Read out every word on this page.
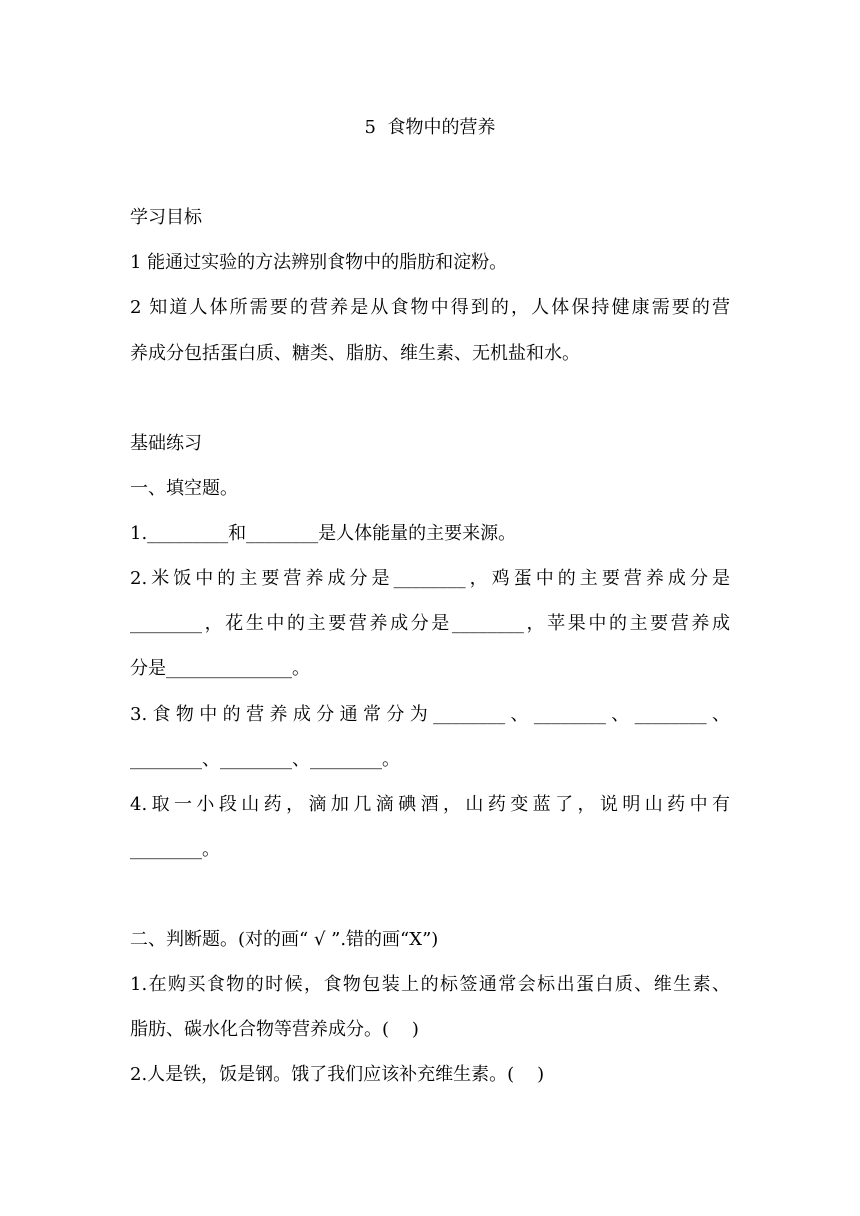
5  食物中的营养
学习目标
1 能通过实验的方法辨别食物中的脂肪和淀粉。
2 知道人体所需要的营养是从食物中得到的，人体保持健康需要的营
养成分包括蛋白质、糖类、脂肪、维生素、无机盐和水。
基础练习
一、填空题。
1._________和________是人体能量的主要来源。
2.米饭中的主要营养成分是________，鸡蛋中的主要营养成分是
________，花生中的主要营养成分是________，苹果中的主要营养成
分是______________。
3.食物中的营养成分通常分为________、________、________、
________、________、________。
4.取一小段山药，滴加几滴碘酒，山药变蓝了，说明山药中有
________。
二、判断题。(对的画“ √ ”.错的画“X”)
1.在购买食物的时候，食物包装上的标签通常会标出蛋白质、维生素、
脂肪、碳水化合物等营养成分。(    )
2.人是铁，饭是钢。饿了我们应该补充维生素。(    )
